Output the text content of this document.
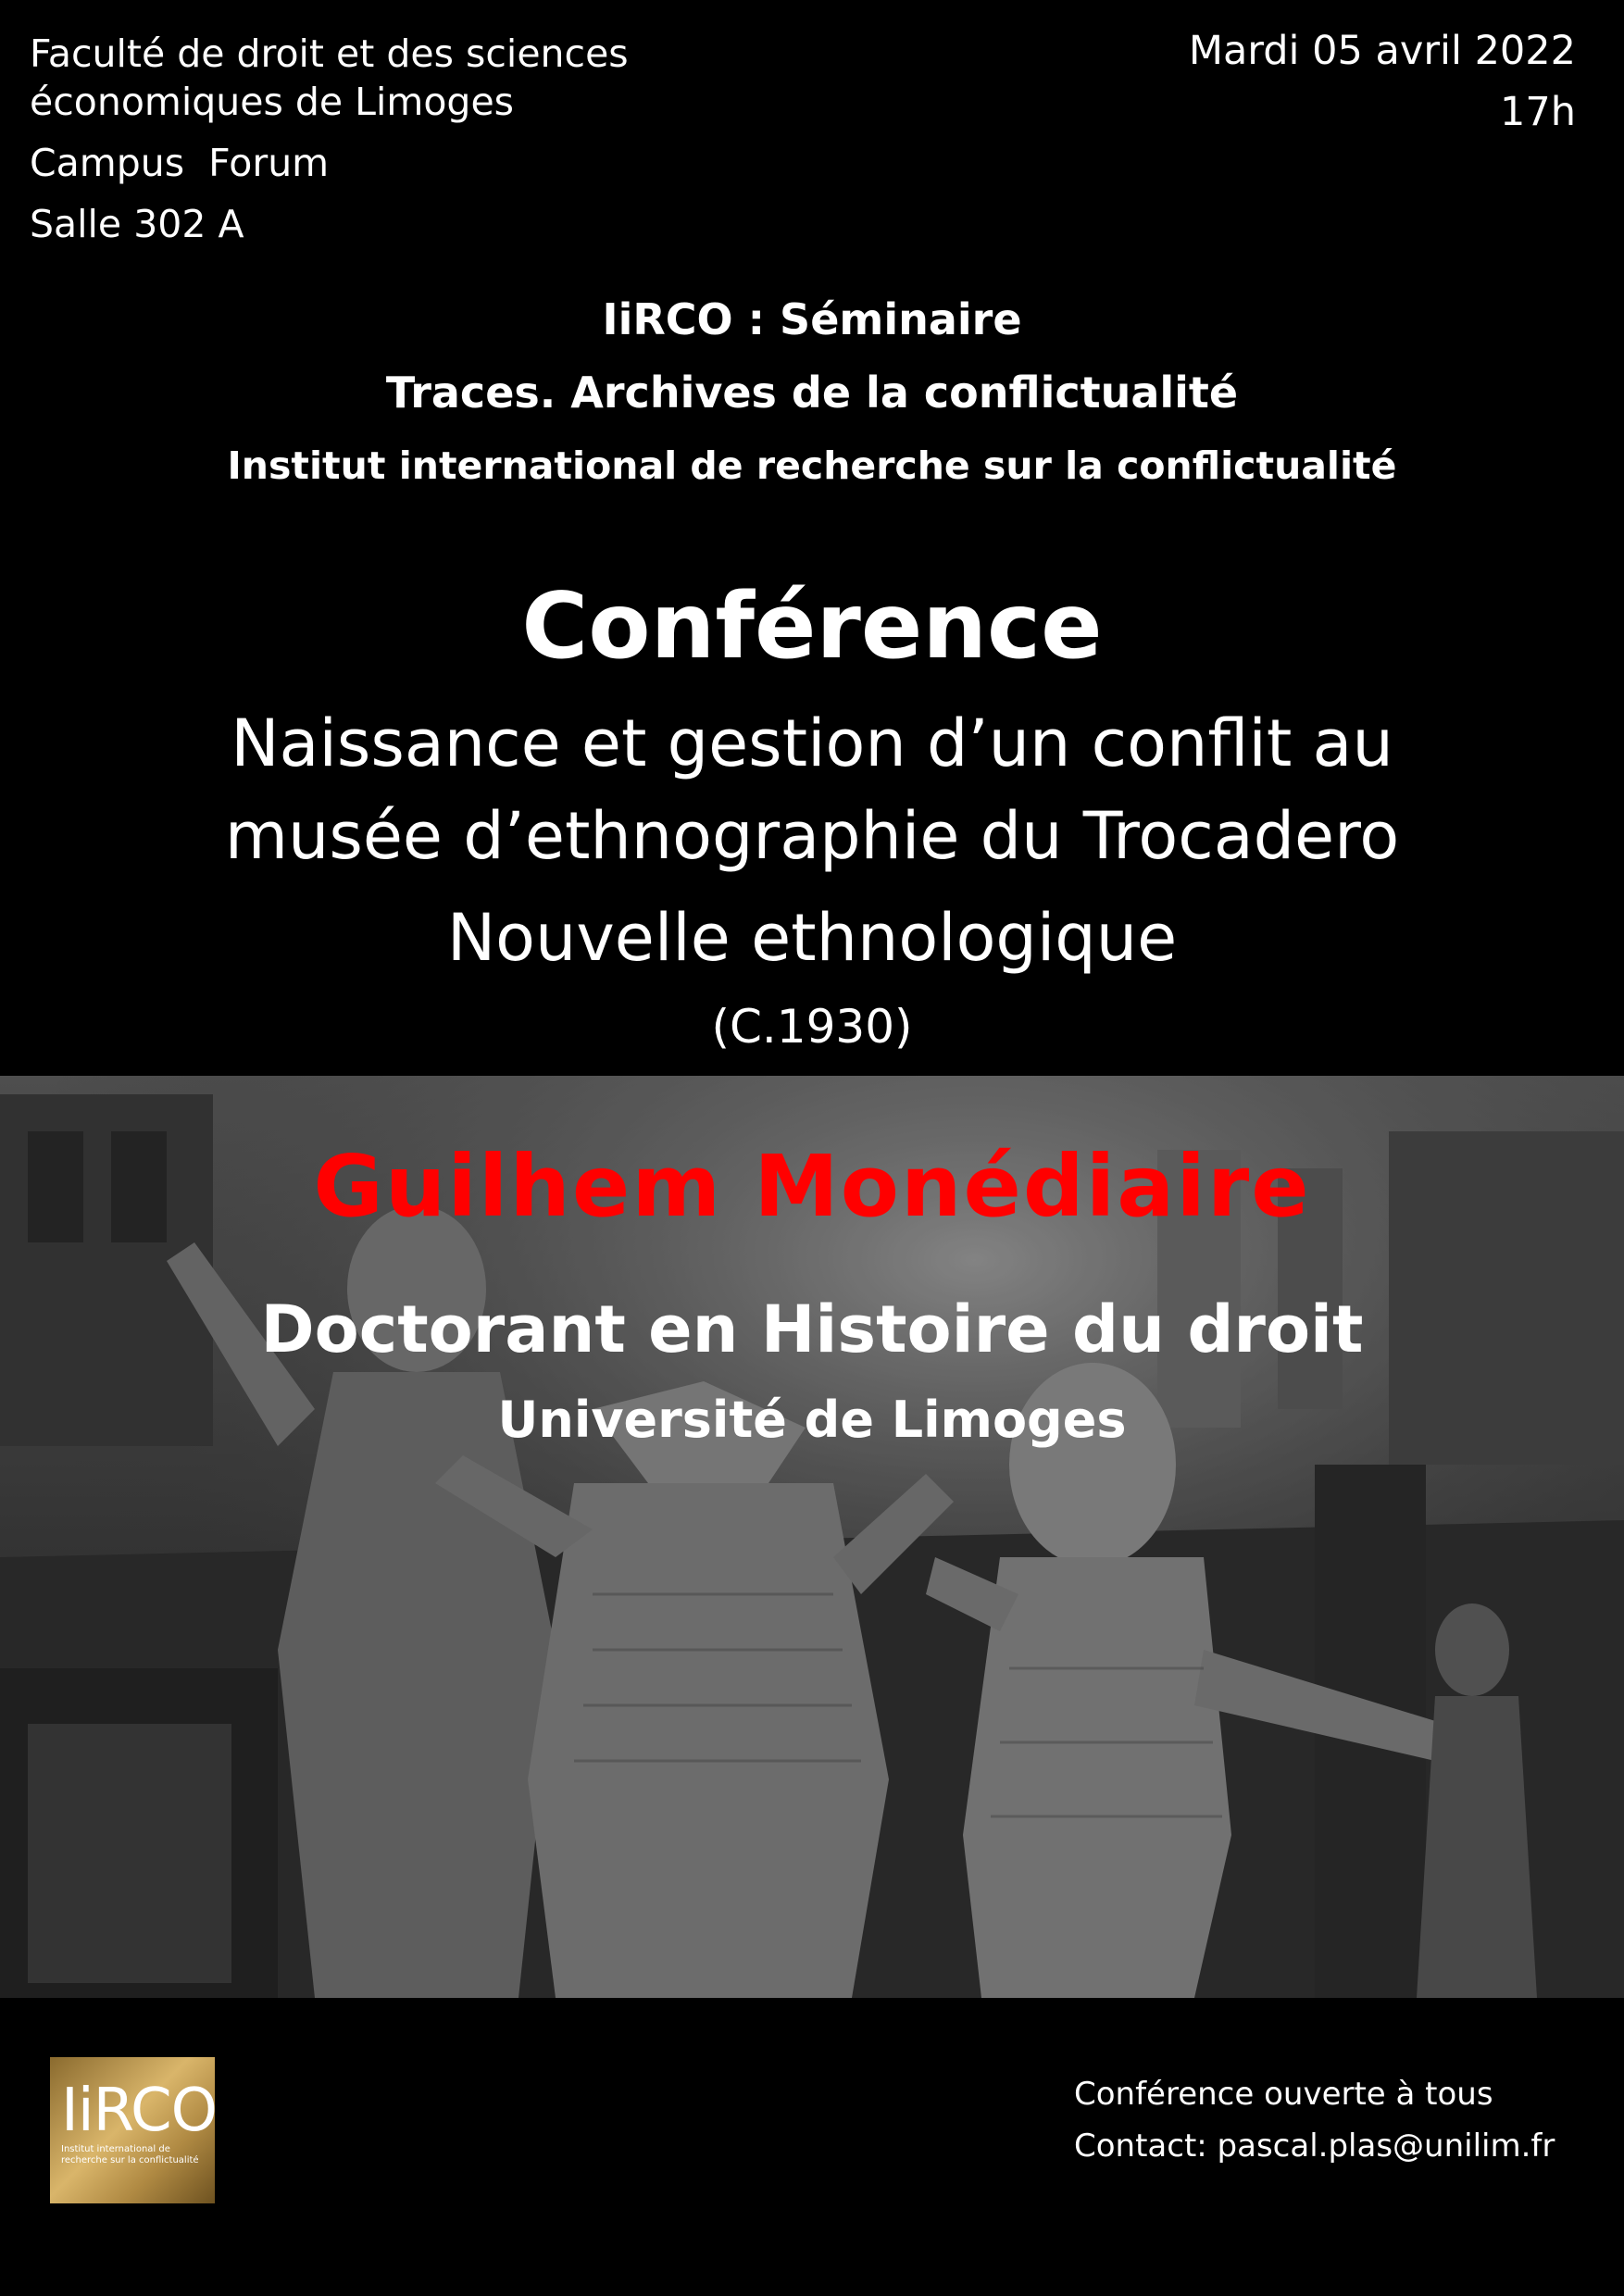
Faculté de droit et des sciences
économiques de Limoges
Campus  Forum
Salle 302 A
Mardi 05 avril 2022
17h
IiRCO : Séminaire
Traces. Archives de la conflictualité
Institut international de recherche sur la conflictualité
Conférence
Naissance et gestion d’un conflit au
musée d’ethnographie du Trocadero
Nouvelle ethnologique
(C.1930)
Guilhem Monédiaire
Doctorant en Histoire du droit
Université de Limoges
IiRCO
Institut international de recherche sur la conflictualité
Conférence ouverte à tous
Contact: pascal.plas@unilim.fr
